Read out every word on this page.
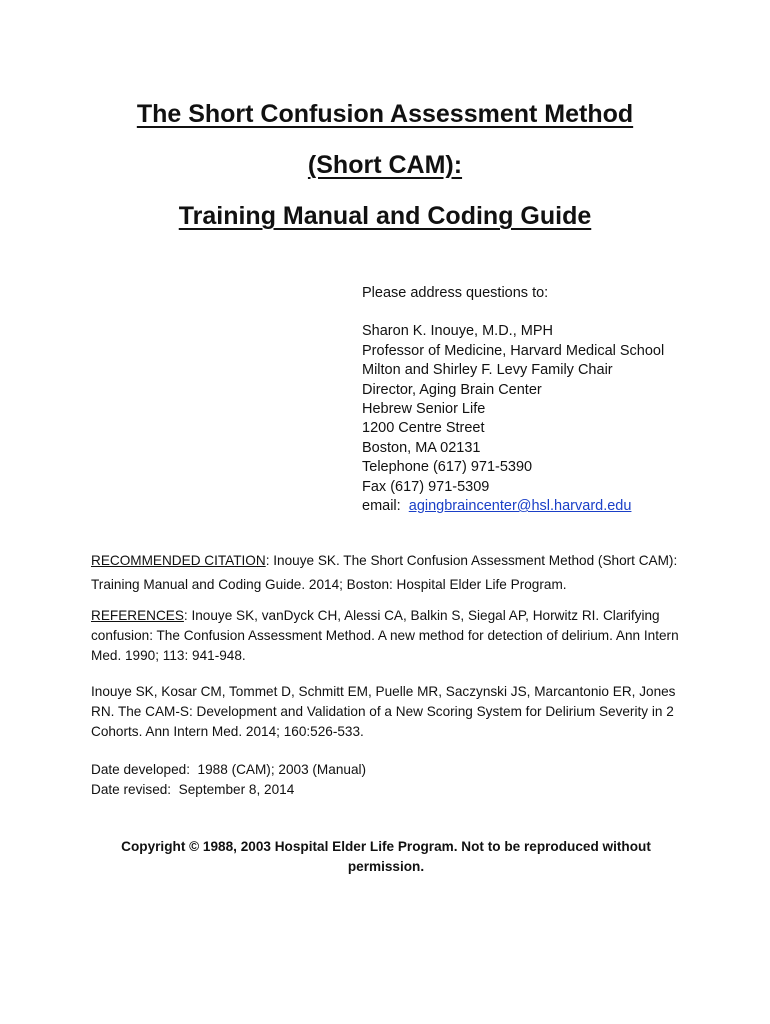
The Short Confusion Assessment Method
(Short CAM):
Training Manual and Coding Guide
Please address questions to:
Sharon K. Inouye, M.D., MPH
Professor of Medicine, Harvard Medical School
Milton and Shirley F. Levy Family Chair
Director, Aging Brain Center
Hebrew Senior Life
1200 Centre Street
Boston, MA 02131
Telephone (617) 971-5390
Fax (617) 971-5309
email:  agingbraincenter@hsl.harvard.edu

RECOMMENDED CITATION: Inouye SK. The Short Confusion Assessment Method (Short CAM): Training Manual and Coding Guide. 2014; Boston: Hospital Elder Life Program.

REFERENCES: Inouye SK, vanDyck CH, Alessi CA, Balkin S, Siegal AP, Horwitz RI. Clarifying confusion: The Confusion Assessment Method. A new method for detection of delirium. Ann Intern Med. 1990; 113: 941-948.

Inouye SK, Kosar CM, Tommet D, Schmitt EM, Puelle MR, Saczynski JS, Marcantonio ER, Jones RN. The CAM-S: Development and Validation of a New Scoring System for Delirium Severity in 2 Cohorts. Ann Intern Med. 2014; 160:526-533.

Date developed:  1988 (CAM); 2003 (Manual)
Date revised:  September 8, 2014

Copyright © 1988, 2003 Hospital Elder Life Program. Not to be reproduced without permission.
